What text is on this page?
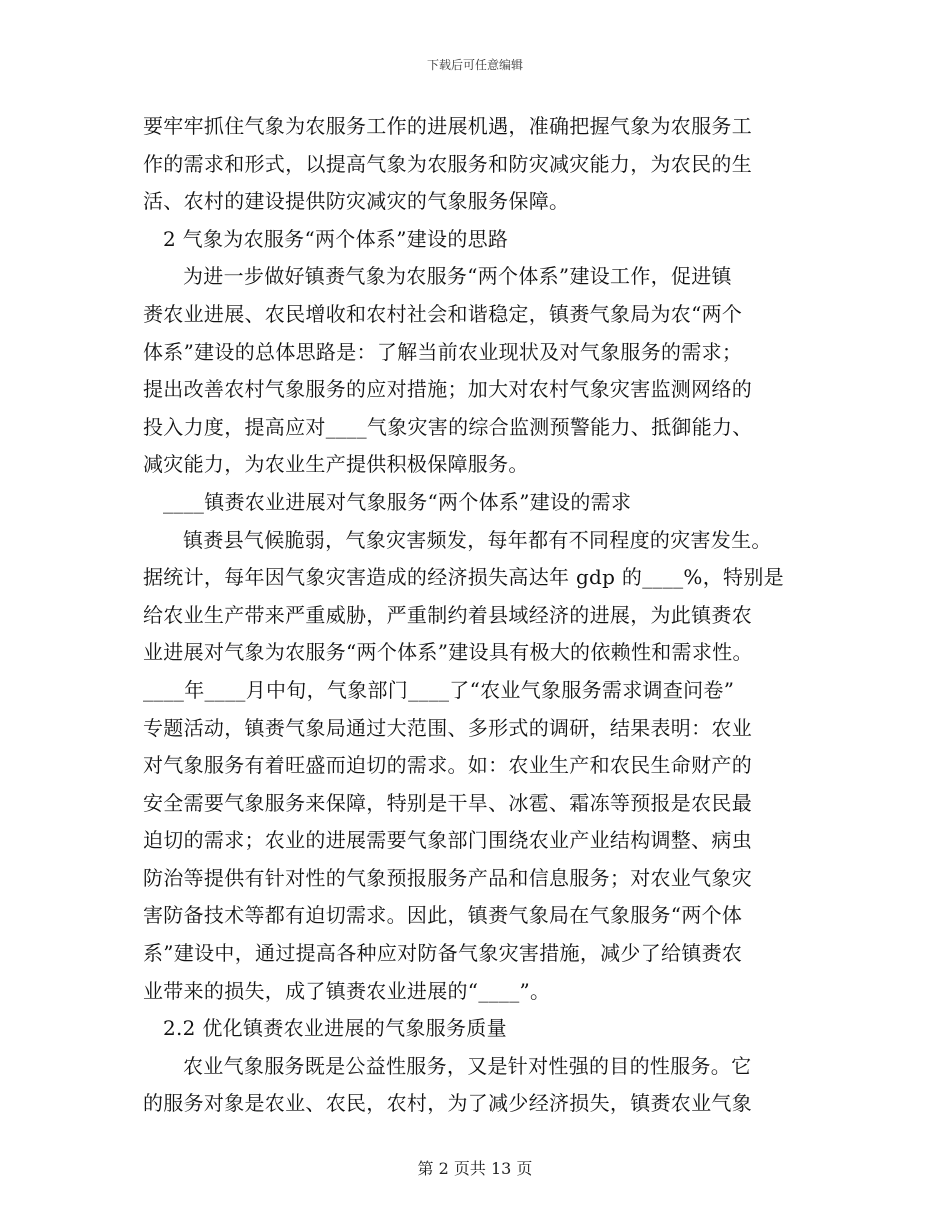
下载后可任意编辑
要牢牢抓住气象为农服务工作的进展机遇，准确把握气象为农服务工
作的需求和形式，以提高气象为农服务和防灾减灾能力，为农民的生
活、农村的建设提供防灾减灾的气象服务保障。
2 气象为农服务“两个体系”建设的思路
为进一步做好镇赉气象为农服务“两个体系”建设工作，促进镇
赉农业进展、农民增收和农村社会和谐稳定，镇赉气象局为农“两个
体系”建设的总体思路是：了解当前农业现状及对气象服务的需求；
提出改善农村气象服务的应对措施；加大对农村气象灾害监测网络的
投入力度，提高应对____气象灾害的综合监测预警能力、抵御能力、
减灾能力，为农业生产提供积极保障服务。
____镇赉农业进展对气象服务“两个体系”建设的需求
镇赉县气候脆弱，气象灾害频发，每年都有不同程度的灾害发生。
据统计，每年因气象灾害造成的经济损失高达年 gdp 的____%，特别是
给农业生产带来严重威胁，严重制约着县域经济的进展，为此镇赉农
业进展对气象为农服务“两个体系”建设具有极大的依赖性和需求性。
____年____月中旬，气象部门____了“农业气象服务需求调查问卷”
专题活动，镇赉气象局通过大范围、多形式的调研，结果表明：农业
对气象服务有着旺盛而迫切的需求。如：农业生产和农民生命财产的
安全需要气象服务来保障，特别是干旱、冰雹、霜冻等预报是农民最
迫切的需求；农业的进展需要气象部门围绕农业产业结构调整、病虫
防治等提供有针对性的气象预报服务产品和信息服务；对农业气象灾
害防备技术等都有迫切需求。因此，镇赉气象局在气象服务“两个体
系”建设中，通过提高各种应对防备气象灾害措施，减少了给镇赉农
业带来的损失，成了镇赉农业进展的“____”。
2.2 优化镇赉农业进展的气象服务质量
农业气象服务既是公益性服务，又是针对性强的目的性服务。它
的服务对象是农业、农民，农村，为了减少经济损失，镇赉农业气象
第 2 页共 13 页
